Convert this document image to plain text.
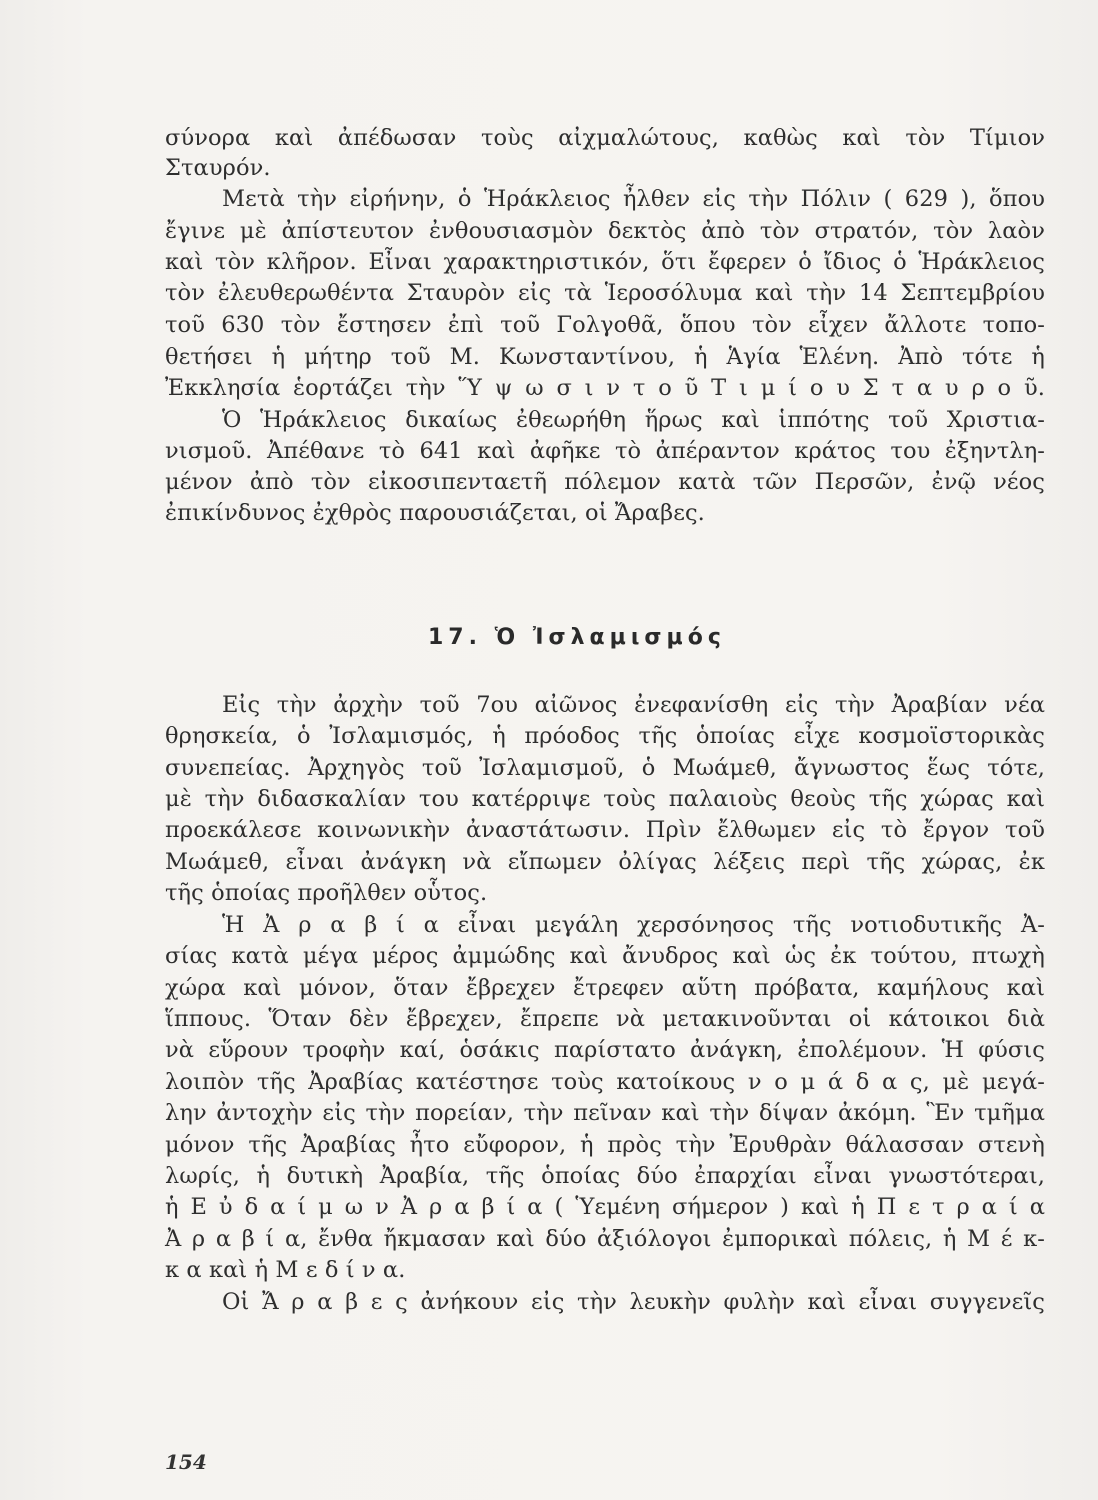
σύνορα καὶ ἀπέδωσαν τοὺς αἰχμαλώτους, καθὼς καὶ τὸν Τίμιον
Σταυρόν.
Μετὰ τὴν εἰρήνην, ὁ Ἡράκλειος ἦλθεν εἰς τὴν Πόλιν ( 629 ), ὅπου
ἔγινε μὲ ἀπίστευτον ἐνθουσιασμὸν δεκτὸς ἀπὸ τὸν στρατόν, τὸν λαὸν
καὶ τὸν κλῆρον. Εἶναι χαρακτηριστικόν, ὅτι ἔφερεν ὁ ἴδιος ὁ Ἡράκλειος
τὸν ἐλευθερωθέντα Σταυρὸν εἰς τὰ Ἱεροσόλυμα καὶ τὴν 14 Σεπτεμβρίου
τοῦ 630 τὸν ἔστησεν ἐπὶ τοῦ Γολγοθᾶ, ὅπου τὸν εἶχεν ἄλλοτε τοπο-
θετήσει ἡ μήτηρ τοῦ Μ. Κωνσταντίνου, ἡ Ἁγία Ἑλένη. Ἀπὸ τότε ἡ
Ἐκκλησία ἑορτάζει τὴν Ὕ ψ ω σ ι ν τ ο ῦ Τ ι μ ί ο υ Σ τ α υ ρ ο ῦ.
Ὁ Ἡράκλειος δικαίως ἐθεωρήθη ἥρως καὶ ἱππότης τοῦ Χριστια-
νισμοῦ. Ἀπέθανε τὸ 641 καὶ ἀφῆκε τὸ ἀπέραντον κράτος του ἐξηντλη-
μένον ἀπὸ τὸν εἰκοσιπενταετῆ πόλεμον κατὰ τῶν Περσῶν, ἐνῷ νέος
ἐπικίνδυνος ἐχθρὸς παρουσιάζεται, οἱ Ἄραβες.
17. Ὁ Ἰσλαμισμός
Εἰς τὴν ἀρχὴν τοῦ 7ου αἰῶνος ἐνεφανίσθη εἰς τὴν Ἀραβίαν νέα
θρησκεία, ὁ Ἰσλαμισμός, ἡ πρόοδος τῆς ὁποίας εἶχε κοσμοϊστορικὰς
συνεπείας. Ἀρχηγὸς τοῦ Ἰσλαμισμοῦ, ὁ Μωάμεθ, ἄγνωστος ἕως τότε,
μὲ τὴν διδασκαλίαν του κατέρριψε τοὺς παλαιοὺς θεοὺς τῆς χώρας καὶ
προεκάλεσε κοινωνικὴν ἀναστάτωσιν. Πρὶν ἔλθωμεν εἰς τὸ ἔργον τοῦ
Μωάμεθ, εἶναι ἀνάγκη νὰ εἴπωμεν ὀλίγας λέξεις περὶ τῆς χώρας, ἐκ
τῆς ὁποίας προῆλθεν οὗτος.
Ἡ Ἀ ρ α β ί α εἶναι μεγάλη χερσόνησος τῆς νοτιοδυτικῆς Ἀ-
σίας κατὰ μέγα μέρος ἀμμώδης καὶ ἄνυδρος καὶ ὡς ἐκ τούτου, πτωχὴ
χώρα καὶ μόνον, ὅταν ἔβρεχεν ἔτρεφεν αὕτη πρόβατα, καμήλους καὶ
ἵππους. Ὅταν δὲν ἔβρεχεν, ἔπρεπε νὰ μετακινοῦνται οἱ κάτοικοι διὰ
νὰ εὕρουν τροφὴν καί, ὁσάκις παρίστατο ἀνάγκη, ἐπολέμουν. Ἡ φύσις
λοιπὸν τῆς Ἀραβίας κατέστησε τοὺς κατοίκους ν ο μ ά δ α ς, μὲ μεγά-
λην ἀντοχὴν εἰς τὴν πορείαν, τὴν πεῖναν καὶ τὴν δίψαν ἀκόμη. Ἓν τμῆμα
μόνον τῆς Ἀραβίας ἦτο εὔφορον, ἡ πρὸς τὴν Ἐρυθρὰν θάλασσαν στενὴ
λωρίς, ἡ δυτικὴ Ἀραβία, τῆς ὁποίας δύο ἐπαρχίαι εἶναι γνωστότεραι,
ἡ Ε ὐ δ α ί μ ω ν Ἀ ρ α β ί α ( Ὑεμένη σήμερον ) καὶ ἡ Π ε τ ρ α ί α
Ἀ ρ α β ί α, ἔνθα ἤκμασαν καὶ δύο ἀξιόλογοι ἐμπορικαὶ πόλεις, ἡ Μ έ κ-
κ α καὶ ἡ Μ ε δ ί ν α.
Οἱ Ἄ ρ α β ε ς ἀνήκουν εἰς τὴν λευκὴν φυλὴν καὶ εἶναι συγγενεῖς
154
